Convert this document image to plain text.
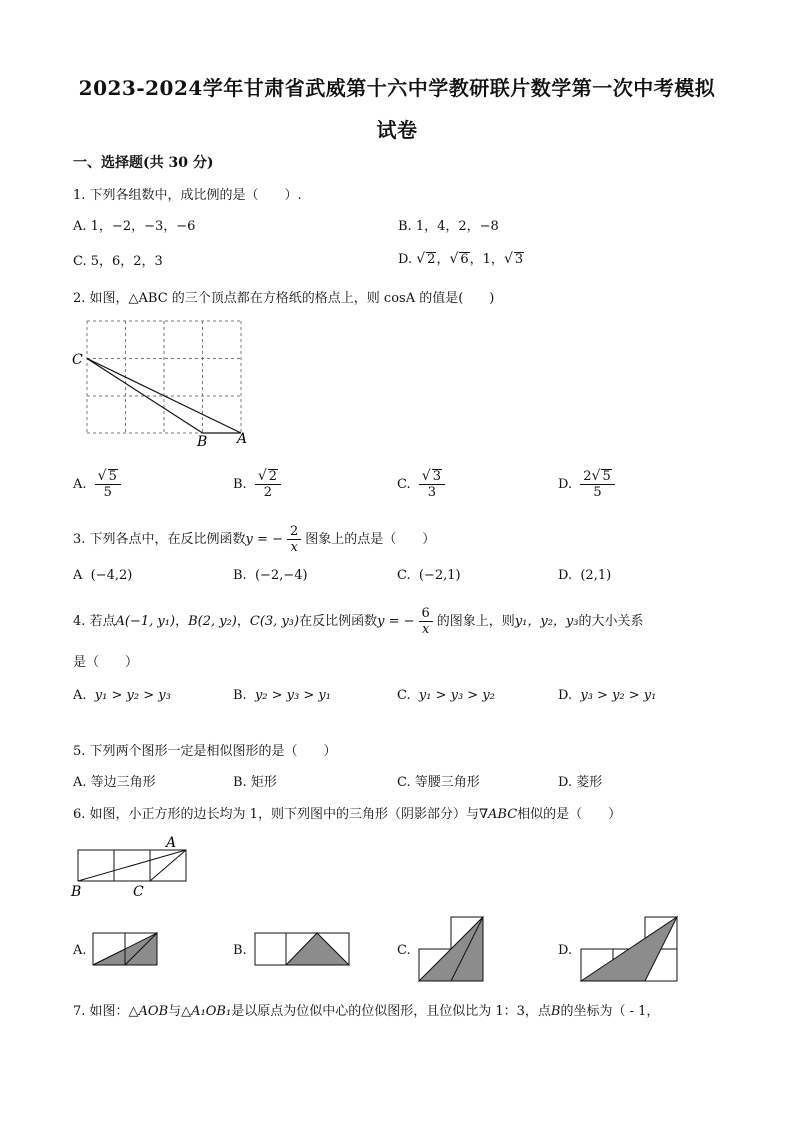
2023-2024学年甘肃省武威第十六中学教研联片数学第一次中考模拟
试卷
一、选择题(共 30 分)
1. 下列各组数中，成比例的是（　　）.
A. 1，−2，−3，−6	B. 1，4，2，−8
C. 5，6，2，3	D. √ 2，√ 6，1，√ 3
2. 如图，△ABC 的三个顶点都在方格纸的格点上，则 cosA 的值是(　　)
C
B A
A. $\frac{√ 5}{5}$	B. $\frac{√ 2}{2}$	C. $\frac{√ 3}{3}$	D. $\frac{2√ 5}{5}$
3. 下列各点中，在反比例函数y = − $\frac{2}{x}$ 图象上的点是（　　）
A (−4,2)	B. (−2,−4)	C. (−2,1)	D. (2,1)
4. 若点A(−1, y₁)，B(2, y₂)，C(3, y₃)在反比例函数y = − $\frac{6}{x}$ 的图象上，则y₁，y₂，y₃的大小关系
是（　　）
A. y₁ > y₂ > y₃	B. y₂ > y₃ > y₁	C. y₁ > y₃ > y₂	D. y₃ > y₂ > y₁
5. 下列两个图形一定是相似图形的是（　　）
A. 等边三角形	B. 矩形	C. 等腰三角形	D. 菱形
6. 如图，小正方形的边长均为 1，则下列图中的三角形（阴影部分）与∇ABC相似的是（　　）
A
B	C
A.	B.	C.	D.
7. 如图：△AOB与△A₁OB₁是以原点为位似中心的位似图形，且位似比为 1：3，点B的坐标为（ - 1，
